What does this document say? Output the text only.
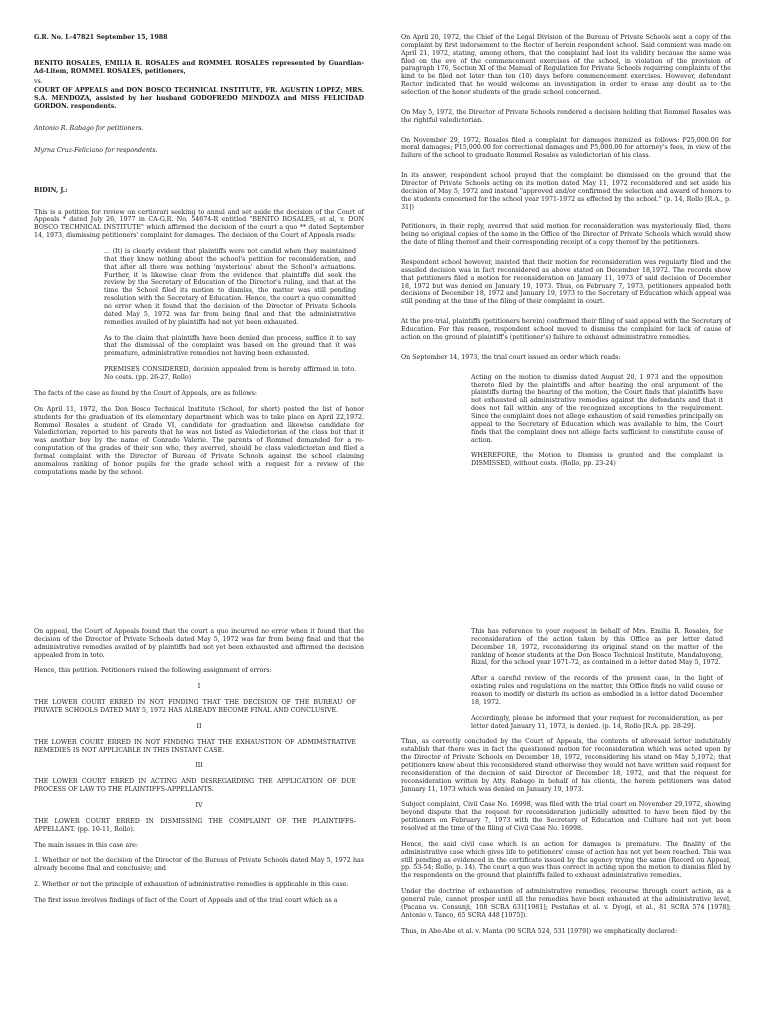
G.R. No. L-47821 September 15, 1988

BENITO ROSALES, EMILIA R. ROSALES and ROMMEL ROSALES represented by Guardian-Ad-Litem, ROMMEL ROSALES, petitioners,

vs.

COURT OF APPEALS and DON BOSCO TECHNICAL INSTITUTE, FR. AGUSTIN LOPEZ; MRS. S.A. MENDOZA, assisted by her husband GODOFREDO MENDOZA and MISS FELICIDAD GORDON. respondents.

Antonio R. Rabago for petitioners.

Myrna Cruz-Feliciano for respondents.

BIDIN, J.:

This is a petition for review on certiorari seeking to annul and set aside the decision of the Court of Appeals * dated July 26, 1977 in CA-G.R. No. 54674-R entitled "BENITO ROSALES, et al, v. DON BOSCO TECHNICAL INSTITUTE" which affirmed the decision of the court a quo ** dated September 14, 1973, dismissing petitioners' complaint for damages. The decision of the Court of Appeals reads:

... (It) is clearly evident that plaintiffs were not candid when they maintained that they knew nothing about the school's petition for reconsideration, and that after all there was nothing 'mysterious' about the School's actuations. Further, it is likewise clear from the evidence that plaintiffs did seek the review by the Secretary of Education of the Director's ruling, and that at the time the School filed its motion to dismiss, the matter was still pending resolution with the Secretary of Education. Hence, the court a quo committed no error when it found that the decision of the Director of Private Schools dated May 5, 1972 was far from being final and that the administrative remedies availed of by plaintiffs had not yet been exhausted.

As to the claim that plaintiffs have been denied due process, suffice it to say that the dismissal of the complaint was based on the ground that it was premature, administrative remedies not having been exhausted.

PREMISES CONSIDERED, decision appealed from is hereby affirmed in toto. No costs. (pp. 26-27, Rollo)

The facts of the case as found by the Court of Appeals, are as follows:

On April 11, 1972, the Don Bosco Technical Institute (School, for short) posted the list of honor students for the graduation of its elementary department which was to take place on April 22,1972. Rommel Rosales a student of Grade VI, candidate for graduation and likewise candidate for Valedictorian, reported to his parents that he was not listed as Valedictorian of the class but that it was another boy by the name of Conrado Valerie. The parents of Rommel demanded for a re-computation of the grades of their son who, they averred, should be class valedictorian and filed a formal complaint with the Director of Bureau of Private Schools against the school claiming anomalous ranking of honor pupils for the grade school with a request for a review of the computations made by the school.

On April 20, 1972, the Chief of the Legal Division of the Bureau of Private Schools sent a copy of the complaint by first indorsement to the Rector of herein respondent school. Said comment was made on April 21, 1972, stating, among others, that the complaint had lost its validity because the same was filed on the eve of the commencement exercises of the school, in violation of the provision of paragraph 176, Section XI of the Manual of Regulation for Private Schools requiring complaints of the kind to be filed not later than ten (10) days before commencement exercises. However, defendant Rector indicated that he would welcome an investigation in order to erase any doubt as to the selection of the honor students of the grade school concerned.

On May 5, 1972, the Director of Private Schools rendered a decision holding that Rommel Rosales was the rightful valedictorian.

On November 29, 1972, Rosales filed a complaint for damages itemized as follows: P25,000.00 for moral damages; P15,000.00 for correctional damages and P5,000.00 for attorney's fees, in view of the failure of the school to graduate Rommel Rosales as valedictorian of his class.

In its answer, respondent school prayed that the complaint be dismissed on the ground that the Director of Private Schools acting on its motion dated May 11, 1972 reconsidered and set aside his decision of May 5, 1972 and instead "approved and/or confirmed the selection and award of honors to the students concerned for the school year 1971-1972 as effected by the school." (p. 14, Rollo [R.A., p. 31])

Petitioners, in their reply, averred that said motion for reconsideration was mysteriously filed, there being no original copies of the same in the Office of the Director of Private Schools which would show the date of filing thereof and their corresponding receipt of a copy thereof by the petitioners.

Respondent school however, insisted that their motion for reconsideration was regularly filed and the assailed decision was in fact reconsidered as above stated on December 18,1972. The records show that petitioners filed a motion for reconsideration on January 11, 1973 of said decision of December 18, 1972 but was denied on January 19, 1973. Thus, on February 7, 1973, petitioners appealed both decisions of December 18, 1972 and January 19, 1973 to the Secretary of Education which appeal was still pending at the time of the filing of their complaint in court.

At the pre-trial, plaintiffs (petitioners herein) confirmed their filing of said appeal with the Secretary of Education. For this reason, respondent school moved to dismiss the complaint for lack of cause of action on the ground of plaintiff's (petitioner's) failure to exhaust administrative remedies.

On September 14, 1973, the trial court issued an order which reads:

Acting on the motion to dismiss dated August 20, 1 973 and the opposition thereto filed by the plaintiffs and after hearing the oral argument of the plaintiffs during the hearing of the motion, the Court finds that plaintiffs have not exhausted all administrative remedies against the defendants and that it does not fall within any of the recognized exceptions to the requirement. Since the complaint does not allege exhaustion of said remedies principally on appeal to the Secretary of Education which was available to him, the Court finds that the complaint does not allege facts sufficient to constitute cause of action.

WHEREFORE, the Motion to Dismiss is granted and the complaint is DISMISSED, without costs. (Rollo, pp. 23-24)

On appeal, the Court of Appeals found that the court a quo incurred no error when it found that the decision of the Director of Private Schools dated May 5, 1972 was far from being final and that the administrative remedies availed of by plaintiffs had not yet been exhausted and affirmed the decision appealed from in toto.

Hence, this petition. Petitioners raised the following assignment of errors:

I

THE LOWER COURT ERRED IN NOT FINDING THAT THE DECISION OF THE BUREAU OF PRIVATE SCHOOLS DATED MAY 5, 1972 HAS ALREADY BECOME FINAL AND CONCLUSIVE.

II

THE LOWER COURT ERRED IN NOT FINDING THAT THE EXHAUSTION OF ADMIMSTRATIVE REMEDIES IS NOT APPLICABLE IN THIS INSTANT CASE.

III

THE LOWER COURT ERRED IN ACTING AND DISREGARDING THE APPLICATION OF DUE PROCESS OF LAW TO THE PLAINTIFFS-APPELLANTS.

IV

THE LOWER COURT ERRED IN DISMISSING THE COMPLAINT OF THE PLAINTIFFS- APPELLANT. (pp. 10-11, Rollo).

The main issues in this case are:

1. Whether or not the decision of the Director of the Bureau of Private Schools dated May 5, 1972 has already become final and conclusive; and

2. Whether or not the principle of exhaustion of administrative remedies is applicable in this case.

The first issue involves findings of fact of the Court of Appeals and of the trial court which as a

This has reference to your request in behalf of Mrs. Emilia R. Rosales, for reconsideration of the action taken by this Office as per letter dated December 18, 1972, reconsidering its original stand on the matter of the ranking of honor students at the Don Bosco Technical Institute, Mandaluyong, Rizal, for the school year 1971-72, as contained in a letter dated May 5, 1972.

After a careful review of the records of the present case, in the light of existing rules and regulations on the matter, this Office finds no valid cause or reason to modify or disturb its action as embodied in a letter dated December 18, 1972.

Accordingly, please be informed that your request for reconsideration, as per letter dated January 11, 1973, is denied. (p. 14, Rollo [R.A. pp. 28-29].

Thus, as correctly concluded by the Court of Appeals, the contents of aforesaid letter indubitably establish that there was in fact the questioned motion for reconsideration which was acted upon by the Director of Private Schools on December 18, 1972, reconsidering his stand on May 5,1972; that petitioners knew about this reconsidered stand otherwise they would not have written said request for reconsideration of the decision of said Director of December 18, 1972, and that the request for reconsideration written by Atty. Rabago in behalf of his clients, the herein petitioners was dated January 11, 1973 which was denied on January 19, 1973.

Subject complaint, Civil Case No. 16998, was filed with the trial court on November 29,1972, showing beyond dispute that the request for reconsideration judicially admitted to have been filed by the petitioners on February 7, 1973 with the Secretary of Education and Culture had not yet been resolved at the time of the filing of Civil Case No. 16998.

Hence, the said civil case which is an action for damages is premature. The finality of the administrative case which gives life to petitioners' cause of action has not yet been reached. This was still pending as evidenced in the certificate issued by the agency trying the same (Record on Appeal, pp. 53-54; Rollo, p. 14). The court a quo was thus correct in acting upon the motion to dismiss filed by the respondents on the ground that plaintiffs failed to exhaust administrative remedies.

Under the doctrine of exhaustion of administrative remedies, recourse through court action, as a general rule, cannot prosper until all the remedies have been exhausted at the administrative level, (Pacana vs. Consunji, 108 SCRA 631[1981]; Pestañas et al. v. Dyogi, et al., 81 SCRA 574 [1978]; Antonio v. Tanco, 65 SCRA 448 [1975]).

Thus, in Abe-Abe et al. v. Manta (90 SCRA 524, 531 [1979]) we emphatically declared:
